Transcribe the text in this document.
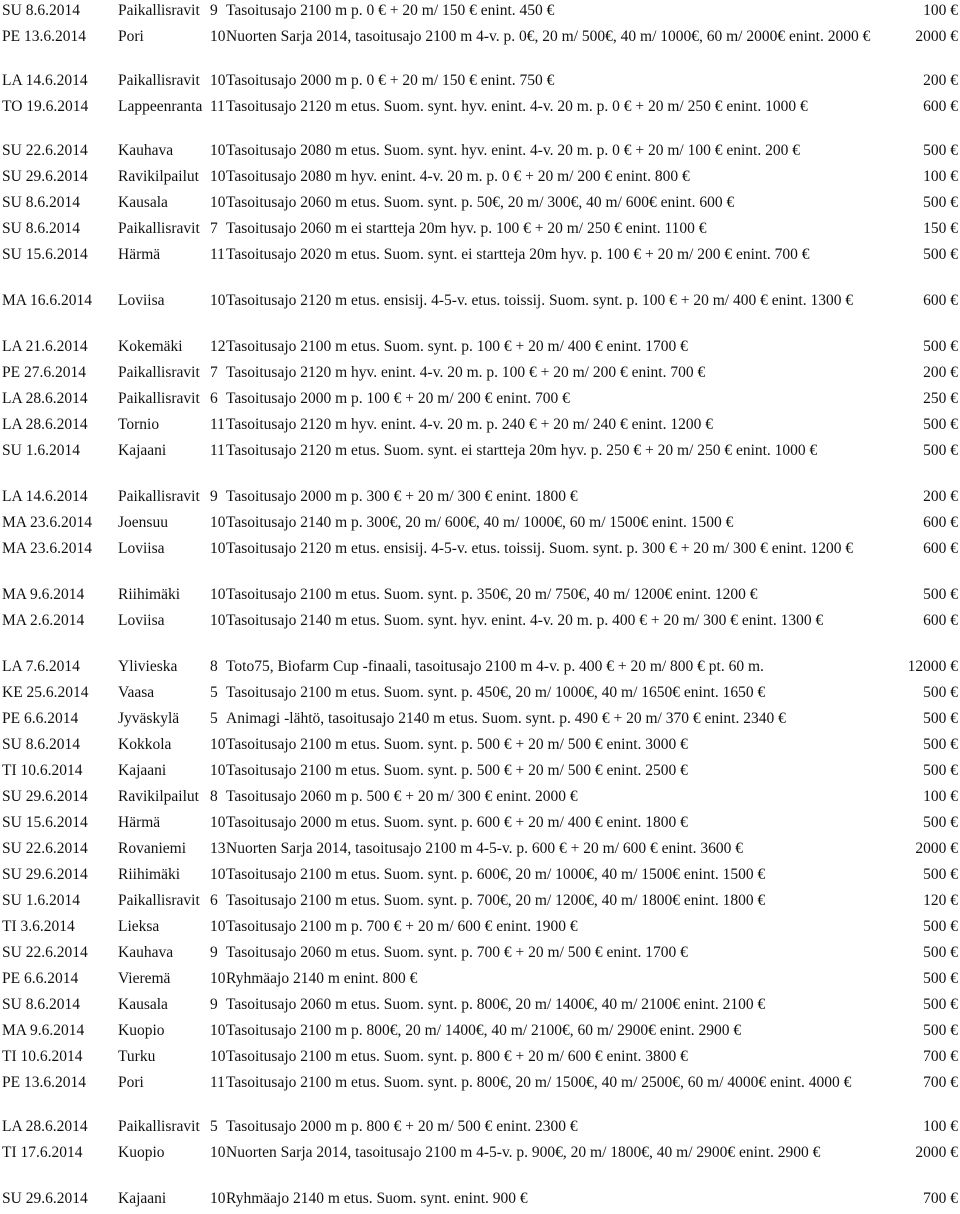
SU 8.6.2014 Paikallisravit 9 Tasoitusajo 2100 m p. 0 € + 20 m/ 150 € enint. 450 €	100 €
PE 13.6.2014 Pori	10 Nuorten Sarja 2014, tasoitusajo 2100 m 4-v. p. 0€, 20 m/ 500€, 40 m/ 1000€, 60 m/ 2000€ enint. 2000 €	2000 €
LA 14.6.2014 Paikallisravit 10 Tasoitusajo 2000 m p. 0 € + 20 m/ 150 € enint. 750 €	200 €
TO 19.6.2014 Lappeenranta 11 Tasoitusajo 2120 m etus. Suom. synt. hyv. enint. 4-v. 20 m. p. 0 € + 20 m/ 250 € enint. 1000 €	600 €
SU 22.6.2014 Kauhava 10 Tasoitusajo 2080 m etus. Suom. synt. hyv. enint. 4-v. 20 m. p. 0 € + 20 m/ 100 € enint. 200 €	500 €
SU 29.6.2014 Ravikilpailut 10 Tasoitusajo 2080 m hyv. enint. 4-v. 20 m. p. 0 € + 20 m/ 200 € enint. 800 €	100 €
SU 8.6.2014 Kausala	10 Tasoitusajo 2060 m etus. Suom. synt. p. 50€, 20 m/ 300€, 40 m/ 600€ enint. 600 €	500 €
SU 8.6.2014 Paikallisravit 7 Tasoitusajo 2060 m ei startteja 20m hyv. p. 100 € + 20 m/ 250 € enint. 1100 €	150 €
SU 15.6.2014 Härmä	11 Tasoitusajo 2020 m etus. Suom. synt. ei startteja 20m hyv. p. 100 € + 20 m/ 200 € enint. 700 €	500 €
MA 16.6.2014 Loviisa	10 Tasoitusajo 2120 m etus. ensisij. 4-5-v. etus. toissij. Suom. synt. p. 100 € + 20 m/ 400 € enint. 1300 €	600 €
LA 21.6.2014 Kokemäki 12 Tasoitusajo 2100 m etus. Suom. synt. p. 100 € + 20 m/ 400 € enint. 1700 €	500 €
PE 27.6.2014 Paikallisravit 7 Tasoitusajo 2120 m hyv. enint. 4-v. 20 m. p. 100 € + 20 m/ 200 € enint. 700 €	200 €
LA 28.6.2014 Paikallisravit 6 Tasoitusajo 2000 m p. 100 € + 20 m/ 200 € enint. 700 €	250 €
LA 28.6.2014 Tornio	11 Tasoitusajo 2120 m hyv. enint. 4-v. 20 m. p. 240 € + 20 m/ 240 € enint. 1200 €	500 €
SU 1.6.2014 Kajaani	11 Tasoitusajo 2120 m etus. Suom. synt. ei startteja 20m hyv. p. 250 € + 20 m/ 250 € enint. 1000 €	500 €
LA 14.6.2014 Paikallisravit 9 Tasoitusajo 2000 m p. 300 € + 20 m/ 300 € enint. 1800 €	200 €
MA 23.6.2014 Joensuu	10 Tasoitusajo 2140 m p. 300€, 20 m/ 600€, 40 m/ 1000€, 60 m/ 1500€ enint. 1500 €	600 €
MA 23.6.2014 Loviisa	10 Tasoitusajo 2120 m etus. ensisij. 4-5-v. etus. toissij. Suom. synt. p. 300 € + 20 m/ 300 € enint. 1200 €	600 €
MA 9.6.2014 Riihimäki 10 Tasoitusajo 2100 m etus. Suom. synt. p. 350€, 20 m/ 750€, 40 m/ 1200€ enint. 1200 €	500 €
MA 2.6.2014 Loviisa	10 Tasoitusajo 2140 m etus. Suom. synt. hyv. enint. 4-v. 20 m. p. 400 € + 20 m/ 300 € enint. 1300 €	600 €
LA 7.6.2014 Ylivieska 8 Toto75, Biofarm Cup -finaali, tasoitusajo 2100 m 4-v. p. 400 € + 20 m/ 800 € pt. 60 m.	12000 €
KE 25.6.2014 Vaasa	5 Tasoitusajo 2100 m etus. Suom. synt. p. 450€, 20 m/ 1000€, 40 m/ 1650€ enint. 1650 €	500 €
PE 6.6.2014	Jyväskylä 5 Animagi -lähtö, tasoitusajo 2140 m etus. Suom. synt. p. 490 € + 20 m/ 370 € enint. 2340 €	500 €
SU 8.6.2014 Kokkola 10 Tasoitusajo 2100 m etus. Suom. synt. p. 500 € + 20 m/ 500 € enint. 3000 €	500 €
TI 10.6.2014 Kajaani	10 Tasoitusajo 2100 m etus. Suom. synt. p. 500 € + 20 m/ 500 € enint. 2500 €	500 €
SU 29.6.2014 Ravikilpailut 8 Tasoitusajo 2060 m p. 500 € + 20 m/ 300 € enint. 2000 €	100 €
SU 15.6.2014 Härmä	10 Tasoitusajo 2000 m etus. Suom. synt. p. 600 € + 20 m/ 400 € enint. 1800 €	500 €
SU 22.6.2014 Rovaniemi 13 Nuorten Sarja 2014, tasoitusajo 2100 m 4-5-v. p. 600 € + 20 m/ 600 € enint. 3600 €	2000 €
SU 29.6.2014 Riihimäki 10 Tasoitusajo 2100 m etus. Suom. synt. p. 600€, 20 m/ 1000€, 40 m/ 1500€ enint. 1500 €	500 €
SU 1.6.2014 Paikallisravit 6 Tasoitusajo 2100 m etus. Suom. synt. p. 700€, 20 m/ 1200€, 40 m/ 1800€ enint. 1800 €	120 €
TI 3.6.2014	Lieksa	10 Tasoitusajo 2100 m p. 700 € + 20 m/ 600 € enint. 1900 €	500 €
SU 22.6.2014 Kauhava 9 Tasoitusajo 2060 m etus. Suom. synt. p. 700 € + 20 m/ 500 € enint. 1700 €	500 €
PE 6.6.2014	Vieremä	10 Ryhmäajo 2140 m enint. 800 €	500 €
SU 8.6.2014 Kausala	9 Tasoitusajo 2060 m etus. Suom. synt. p. 800€, 20 m/ 1400€, 40 m/ 2100€ enint. 2100 €	500 €
MA 9.6.2014 Kuopio	10 Tasoitusajo 2100 m p. 800€, 20 m/ 1400€, 40 m/ 2100€, 60 m/ 2900€ enint. 2900 €	500 €
TI 10.6.2014 Turku	10 Tasoitusajo 2100 m etus. Suom. synt. p. 800 € + 20 m/ 600 € enint. 3800 €	700 €
PE 13.6.2014 Pori	11 Tasoitusajo 2100 m etus. Suom. synt. p. 800€, 20 m/ 1500€, 40 m/ 2500€, 60 m/ 4000€ enint. 4000 €	700 €
LA 28.6.2014 Paikallisravit 5 Tasoitusajo 2000 m p. 800 € + 20 m/ 500 € enint. 2300 €	100 €
TI 17.6.2014 Kuopio	10 Nuorten Sarja 2014, tasoitusajo 2100 m 4-5-v. p. 900€, 20 m/ 1800€, 40 m/ 2900€ enint. 2900 €	2000 €
SU 29.6.2014 Kajaani	10 Ryhmäajo 2140 m etus. Suom. synt. enint. 900 €	700 €
